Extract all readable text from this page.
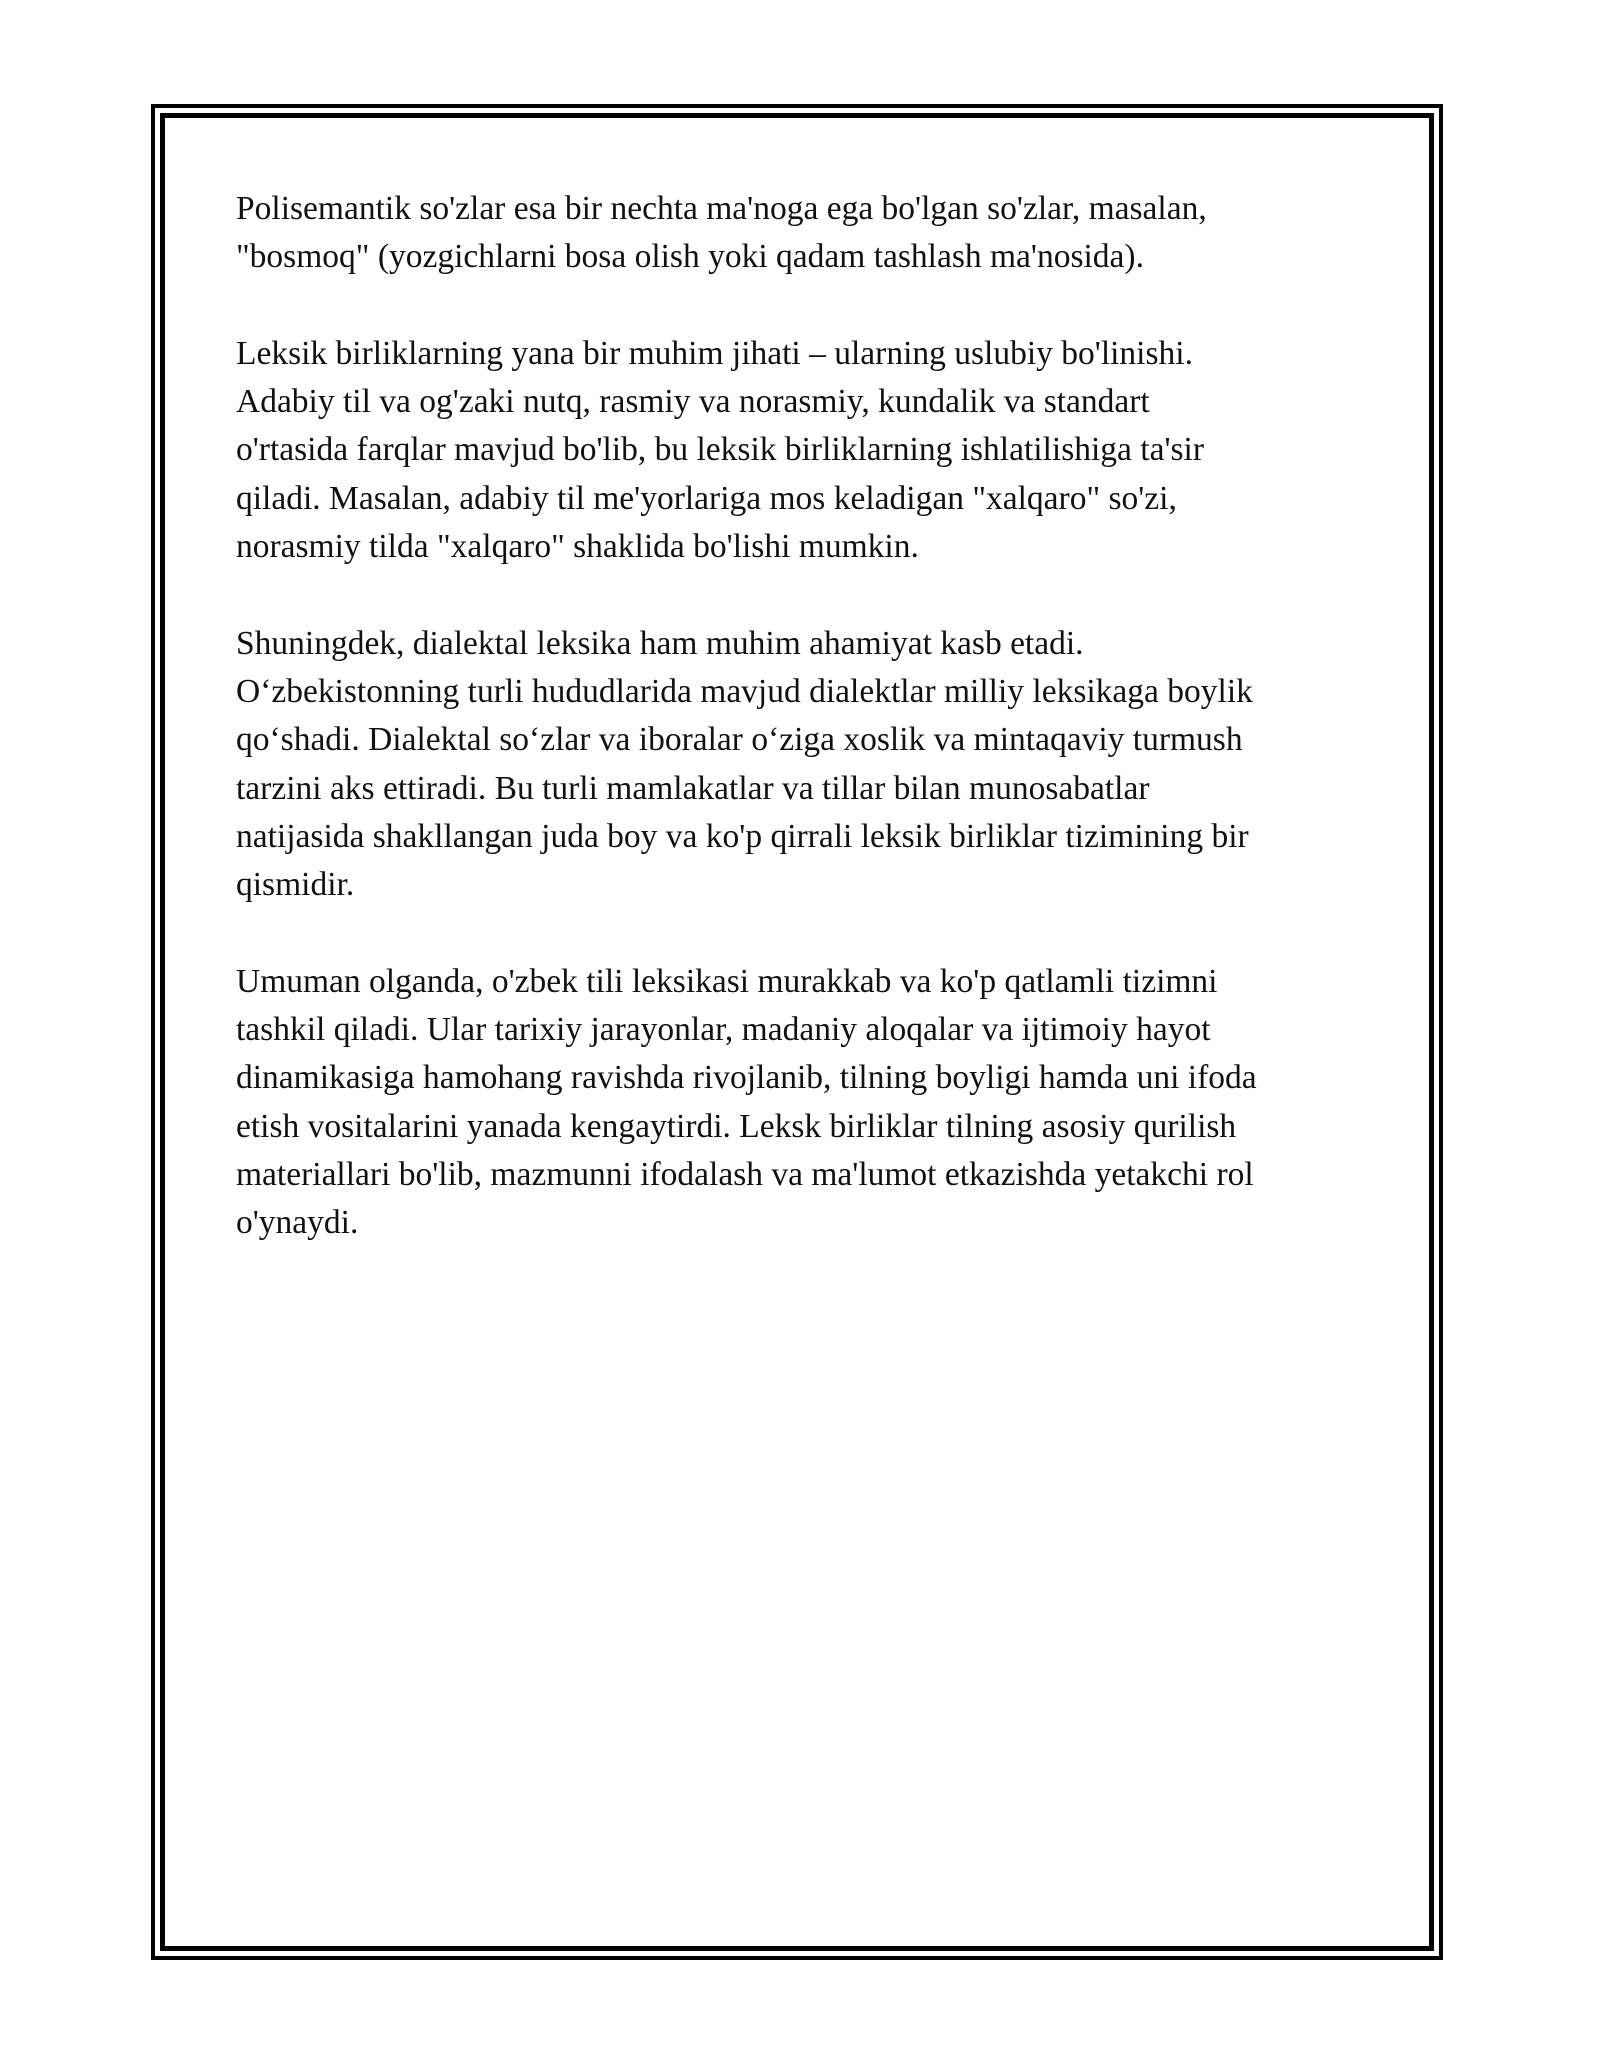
Polisemantik so'zlar esa bir nechta ma'noga ega bo'lgan so'zlar, masalan,
"bosmoq" (yozgichlarni bosa olish yoki qadam tashlash ma'nosida).

Leksik birliklarning yana bir muhim jihati – ularning uslubiy bo'linishi.
Adabiy til va og'zaki nutq, rasmiy va norasmiy, kundalik va standart
o'rtasida farqlar mavjud bo'lib, bu leksik birliklarning ishlatilishiga ta'sir
qiladi. Masalan, adabiy til me'yorlariga mos keladigan "xalqaro" so'zi,
norasmiy tilda "xalqaro" shaklida bo'lishi mumkin.

Shuningdek, dialektal leksika ham muhim ahamiyat kasb etadi.
O‘zbekistonning turli hududlarida mavjud dialektlar milliy leksikaga boylik
qo‘shadi. Dialektal so‘zlar va iboralar o‘ziga xoslik va mintaqaviy turmush
tarzini aks ettiradi. Bu turli mamlakatlar va tillar bilan munosabatlar
natijasida shakllangan juda boy va ko'p qirrali leksik birliklar tizimining bir
qismidir.

Umuman olganda, o'zbek tili leksikasi murakkab va ko'p qatlamli tizimni
tashkil qiladi. Ular tarixiy jarayonlar, madaniy aloqalar va ijtimoiy hayot
dinamikasiga hamohang ravishda rivojlanib, tilning boyligi hamda uni ifoda
etish vositalarini yanada kengaytirdi. Leksk birliklar tilning asosiy qurilish
materiallari bo'lib, mazmunni ifodalash va ma'lumot etkazishda yetakchi rol
o'ynaydi.
